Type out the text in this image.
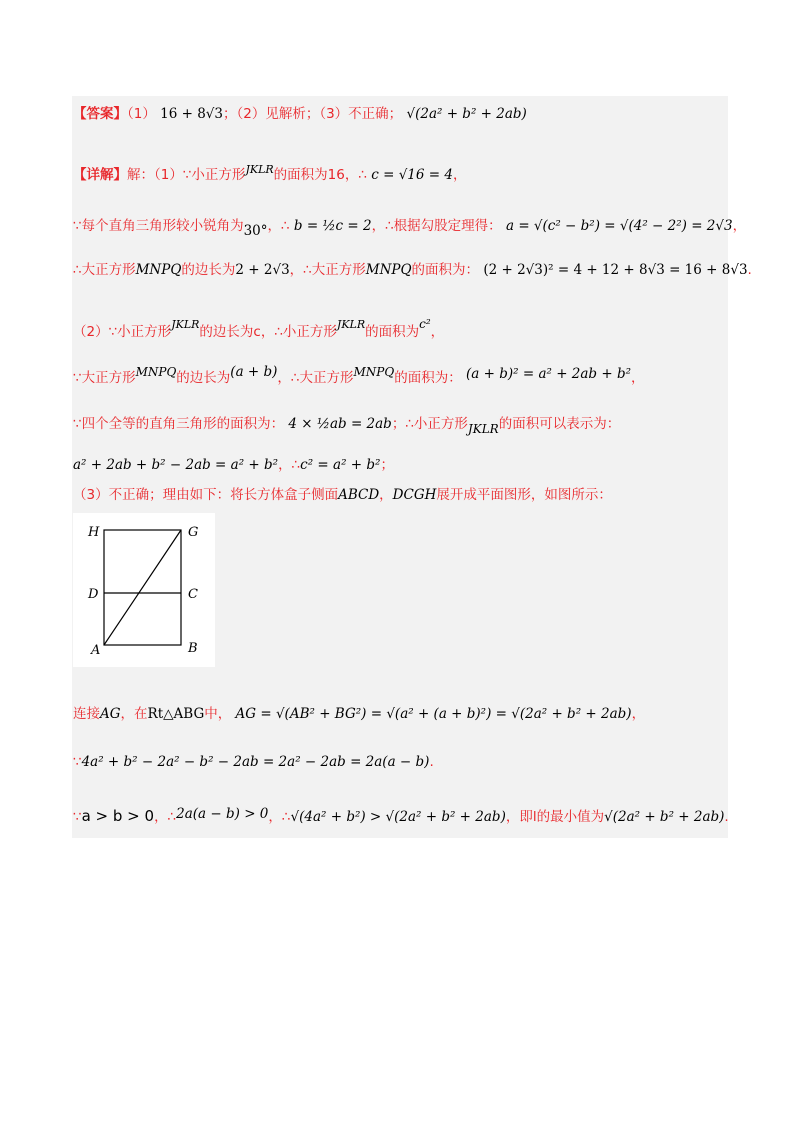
【答案】（1） 16 + 8√3；（2）见解析；（3）不正确； √(2a² + b² + 2ab)
【详解】解：（1）∵小正方形$^{JKLR}$的面积为16，∴ c = √16 = 4，
∵每个直角三角形较小锐角为30°，∴ b = ½c = 2，∴根据勾股定理得： a = √(c² − b²) = √(4² − 2²) = 2√3，
∴大正方形MNPQ的边长为2 + 2√3，∴大正方形MNPQ的面积为： (2 + 2√3)² = 4 + 12 + 8√3 = 16 + 8√3.
（2）∵小正方形$^{JKLR}$的边长为c，∴小正方形$^{JKLR}$的面积为c²，
∵大正方形MNPQ的边长为(a + b)，∴大正方形MNPQ的面积为： (a + b)² = a² + 2ab + b²，
∵四个全等的直角三角形的面积为： 4 × ½ab = 2ab；∴小正方形JKLR的面积可以表示为：
a² + 2ab + b² − 2ab = a² + b²，∴c² = a² + b²；
（3）不正确；理由如下：将长方体盒子侧面ABCD，DCGH展开成平面图形，如图所示：
H	G
D	C
A	B
连接AG，在Rt△ABG中， AG = √(AB² + BG²) = √(a² + (a + b)²) = √(2a² + b² + 2ab)，
∵4a² + b² − 2a² − b² − 2ab = 2a² − 2ab = 2a(a − b).
∵a > b > 0，∴2a(a − b) > 0，∴√(4a² + b²) > √(2a² + b² + 2ab)，即l的最小值为√(2a² + b² + 2ab).
